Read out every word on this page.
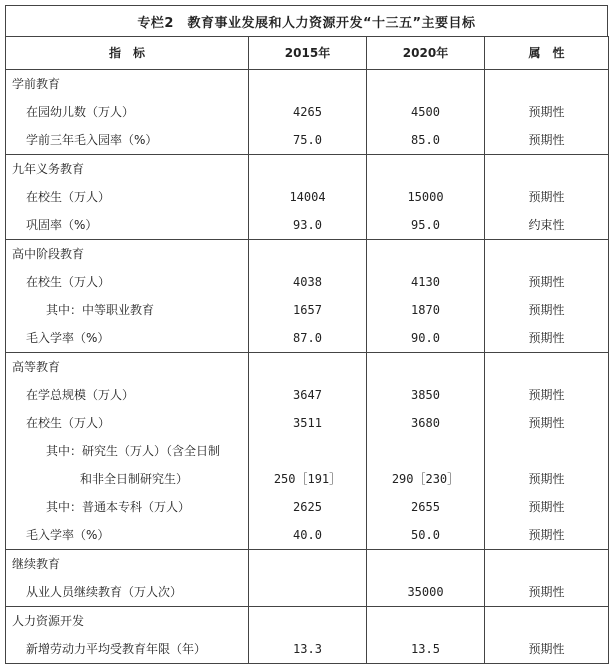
专栏2　教育事业发展和人力资源开发“十三五”主要目标
指　标	2015年	2020年	属　性
学前教育			
在园幼儿数（万人）	4265	4500	预期性
学前三年毛入园率（%）	75.0	85.0	预期性
九年义务教育			
在校生（万人）	14004	15000	预期性
巩固率（%）	93.0	95.0	约束性
高中阶段教育			
在校生（万人）	4038	4130	预期性
其中：中等职业教育	1657	1870	预期性
毛入学率（%）	87.0	90.0	预期性
高等教育			
在学总规模（万人）	3647	3850	预期性
在校生（万人）	3511	3680	预期性
其中：研究生（万人）（含全日制			
和非全日制研究生）	250［191］	290［230］	预期性
其中：普通本专科（万人）	2625	2655	预期性
毛入学率（%）	40.0	50.0	预期性
继续教育			
从业人员继续教育（万人次）		35000	预期性
人力资源开发			
新增劳动力平均受教育年限（年）	13.3	13.5	预期性
